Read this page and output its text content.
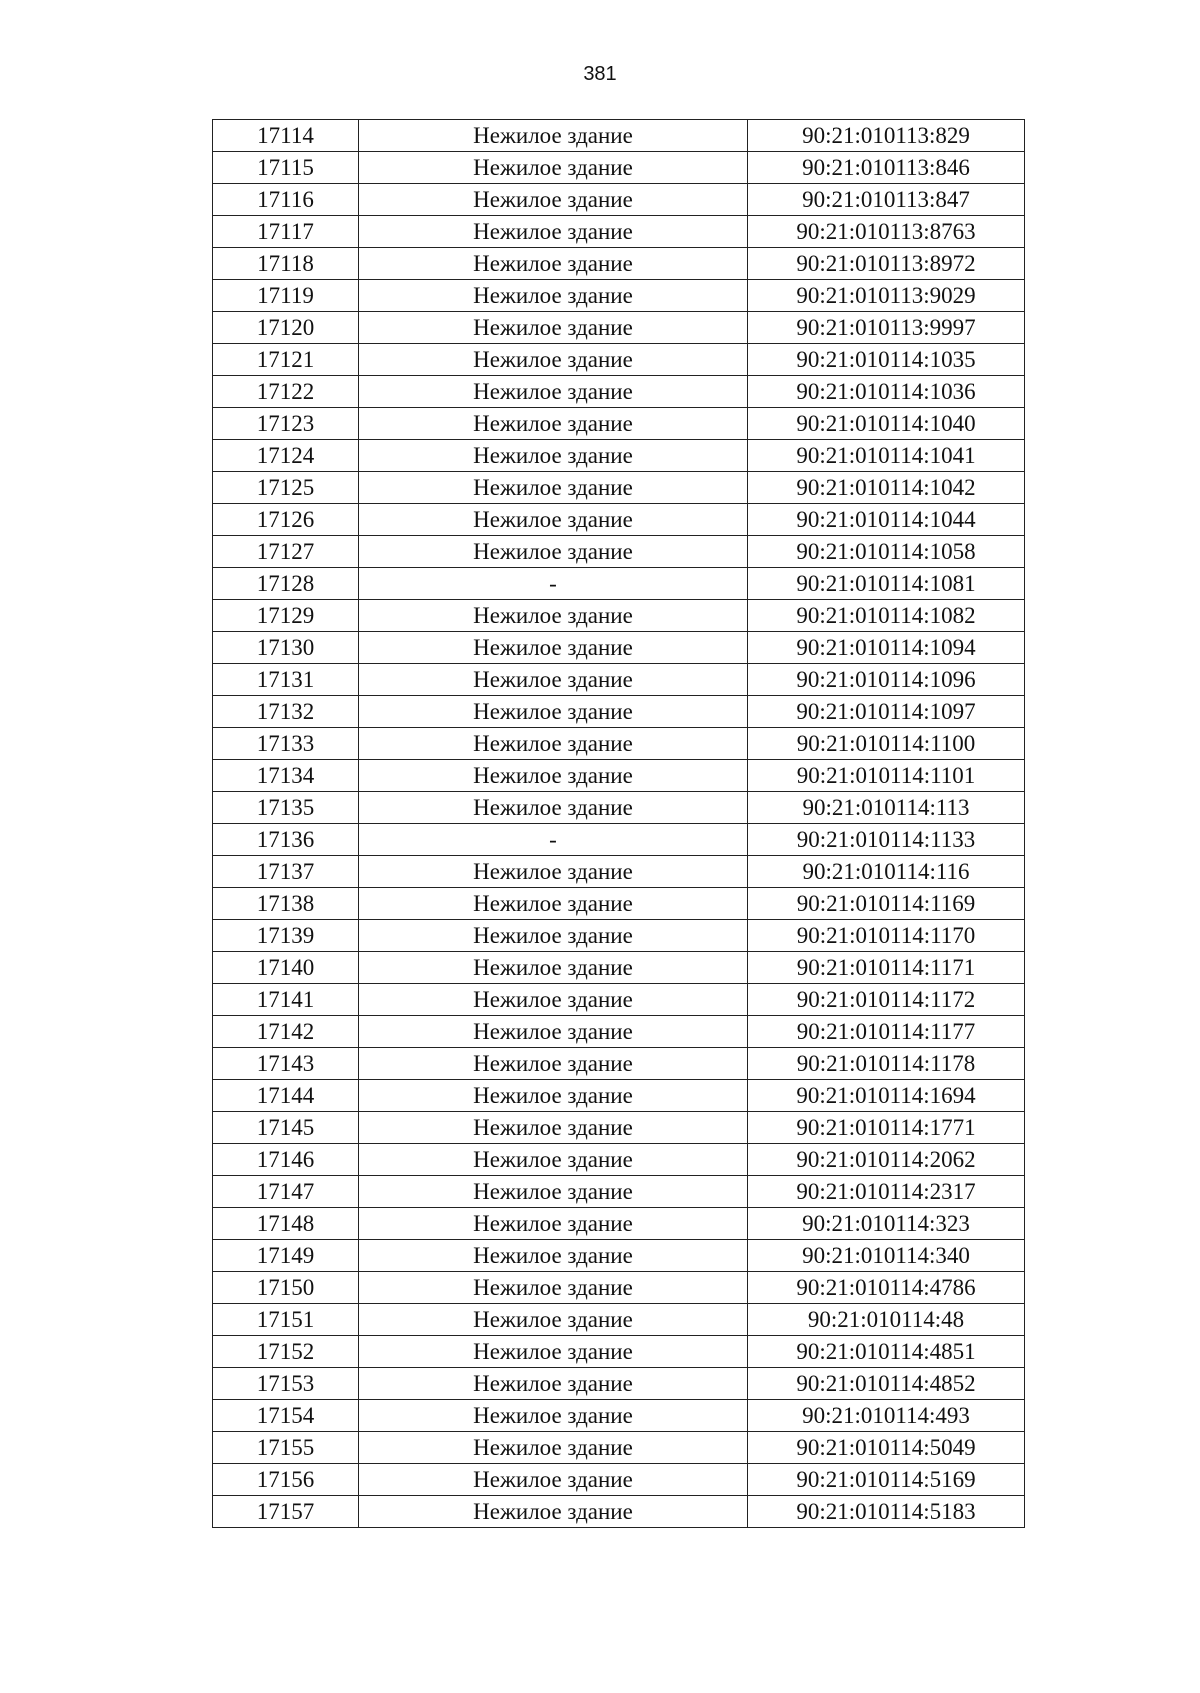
381
17114	Нежилое здание	90:21:010113:829
17115	Нежилое здание	90:21:010113:846
17116	Нежилое здание	90:21:010113:847
17117	Нежилое здание	90:21:010113:8763
17118	Нежилое здание	90:21:010113:8972
17119	Нежилое здание	90:21:010113:9029
17120	Нежилое здание	90:21:010113:9997
17121	Нежилое здание	90:21:010114:1035
17122	Нежилое здание	90:21:010114:1036
17123	Нежилое здание	90:21:010114:1040
17124	Нежилое здание	90:21:010114:1041
17125	Нежилое здание	90:21:010114:1042
17126	Нежилое здание	90:21:010114:1044
17127	Нежилое здание	90:21:010114:1058
17128	-	90:21:010114:1081
17129	Нежилое здание	90:21:010114:1082
17130	Нежилое здание	90:21:010114:1094
17131	Нежилое здание	90:21:010114:1096
17132	Нежилое здание	90:21:010114:1097
17133	Нежилое здание	90:21:010114:1100
17134	Нежилое здание	90:21:010114:1101
17135	Нежилое здание	90:21:010114:113
17136	-	90:21:010114:1133
17137	Нежилое здание	90:21:010114:116
17138	Нежилое здание	90:21:010114:1169
17139	Нежилое здание	90:21:010114:1170
17140	Нежилое здание	90:21:010114:1171
17141	Нежилое здание	90:21:010114:1172
17142	Нежилое здание	90:21:010114:1177
17143	Нежилое здание	90:21:010114:1178
17144	Нежилое здание	90:21:010114:1694
17145	Нежилое здание	90:21:010114:1771
17146	Нежилое здание	90:21:010114:2062
17147	Нежилое здание	90:21:010114:2317
17148	Нежилое здание	90:21:010114:323
17149	Нежилое здание	90:21:010114:340
17150	Нежилое здание	90:21:010114:4786
17151	Нежилое здание	90:21:010114:48
17152	Нежилое здание	90:21:010114:4851
17153	Нежилое здание	90:21:010114:4852
17154	Нежилое здание	90:21:010114:493
17155	Нежилое здание	90:21:010114:5049
17156	Нежилое здание	90:21:010114:5169
17157	Нежилое здание	90:21:010114:5183
